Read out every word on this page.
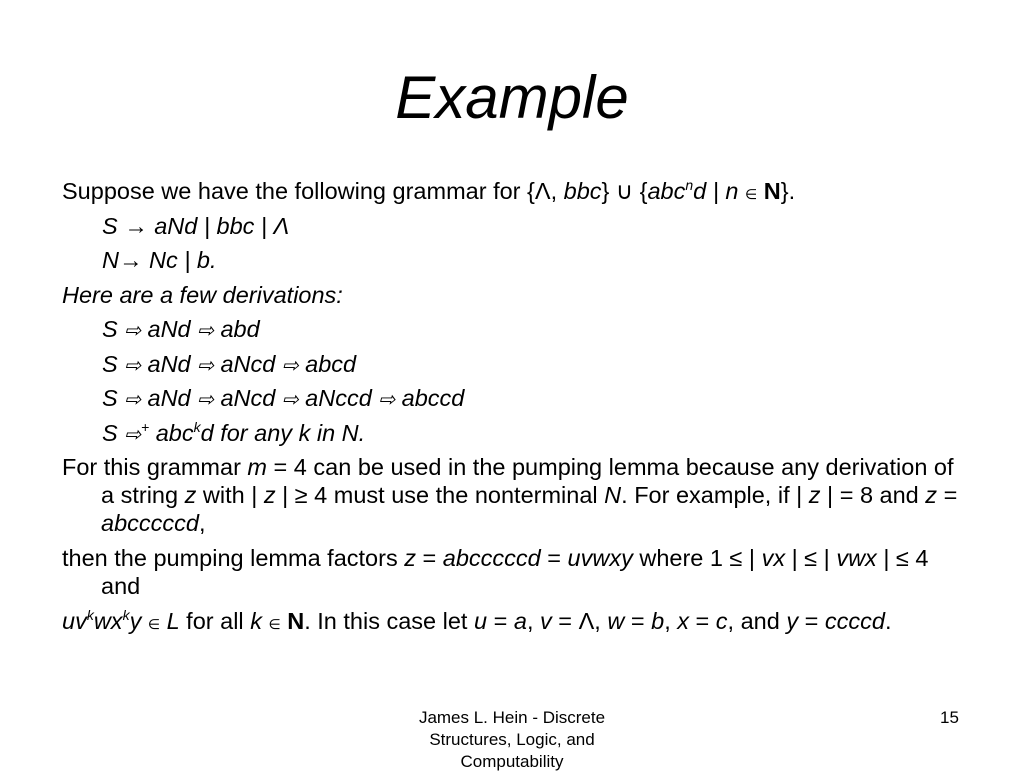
Example
Suppose we have the following grammar for {Λ, bbc} ∪ {abc$^n$d | n ∈ N}.
S → aNd | bbc | Λ
N→ Nc | b.
Here are a few derivations:
S ⇨ aNd ⇨ abd
S ⇨ aNd ⇨ aNcd ⇨ abcd
S ⇨ aNd ⇨ aNcd ⇨ aNccd ⇨ abccd
S ⇨+ abc$^k$d for any k in N.
For this grammar m = 4 can be used in the pumping lemma because any derivation of a string z with | z | ≥ 4 must use the nonterminal N. For example, if | z | = 8 and z = abcccccd,
then the pumping lemma factors z = abcccccd = uvwxy where 1 ≤ | vx | ≤ | vwx | ≤ 4 and
$uv^kwx^ky$ ∈ L for all k ∈ N. In this case let u = a, v = Λ, w = b, x = c, and y = ccccd.
James L. Hein - Discrete Structures, Logic, and Computability
15
